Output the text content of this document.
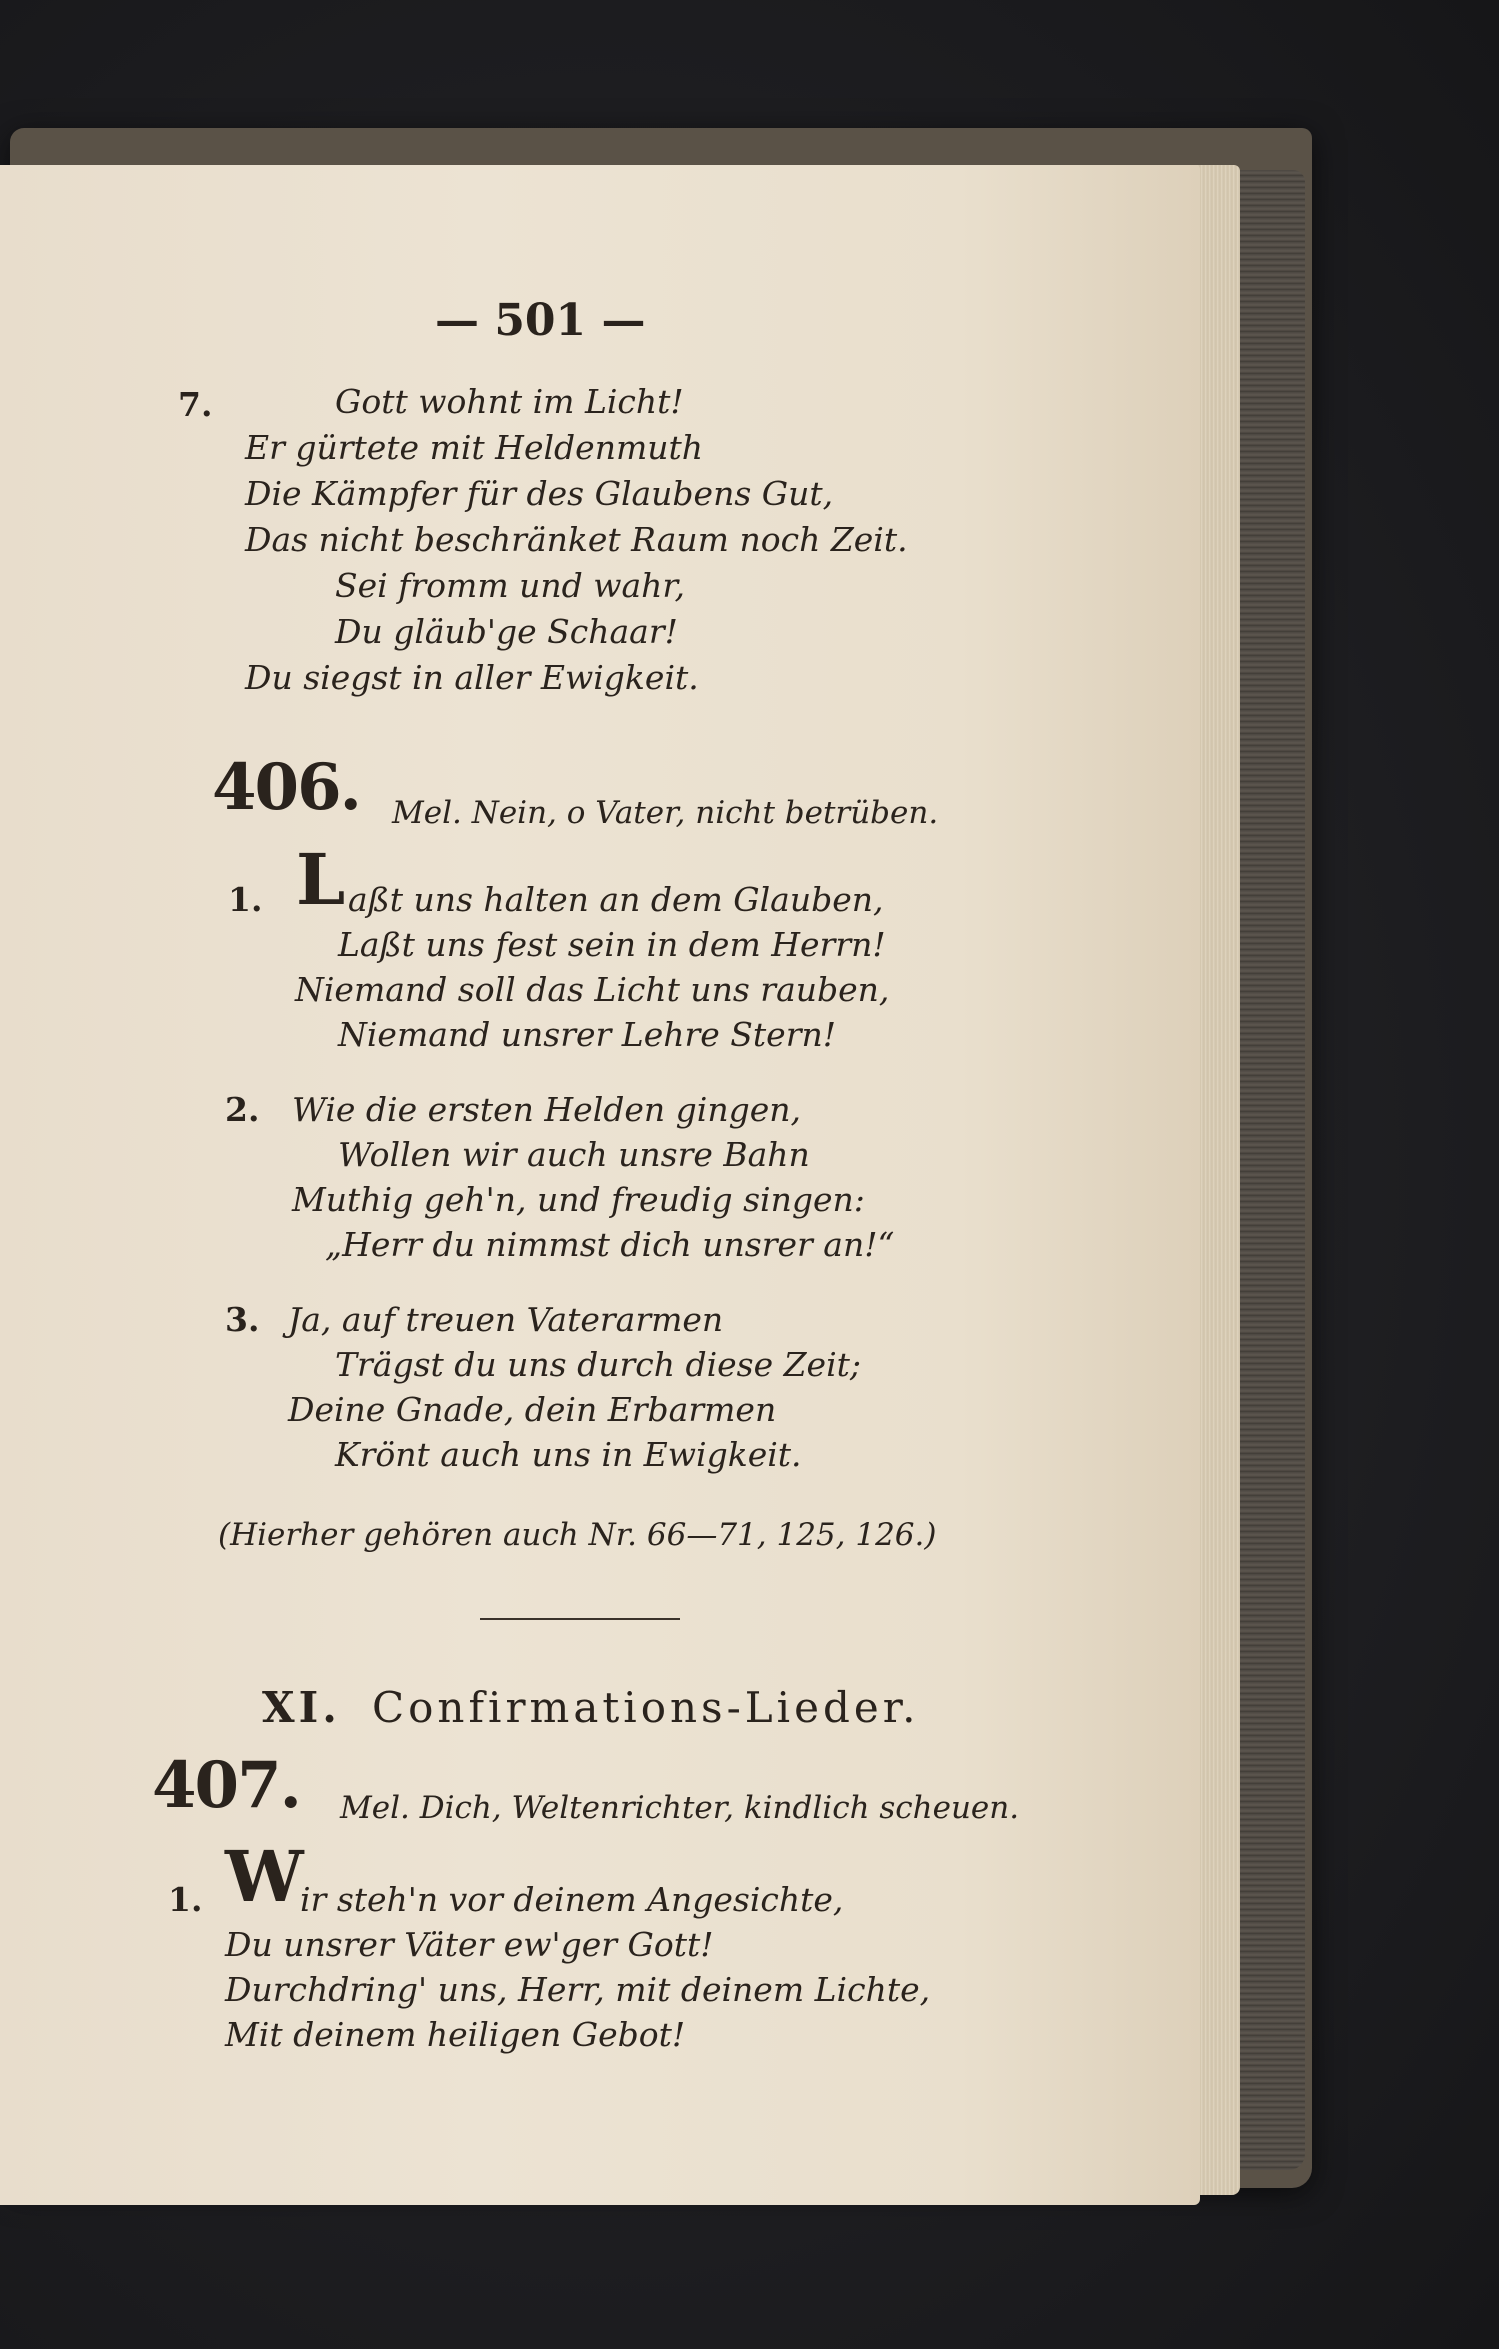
— 501 —
7.	Gott wohnt im Licht!
Er gürtete mit Heldenmuth
Die Kämpfer für des Glaubens Gut,
Das nicht beschränket Raum noch Zeit.
Sei fromm und wahr,
Du gläub'ge Schaar!
Du siegst in aller Ewigkeit.
406. Mel. Nein, o Vater, nicht betrüben.
1. L aßt uns halten an dem Glauben,
Laßt uns fest sein in dem Herrn!
Niemand soll das Licht uns rauben,
Niemand unsrer Lehre Stern!
2. Wie die ersten Helden gingen,
Wollen wir auch unsre Bahn
Muthig geh'n, und freudig singen:
„Herr du nimmst dich unsrer an!“
3. Ja, auf treuen Vaterarmen
Trägst du uns durch diese Zeit;
Deine Gnade, dein Erbarmen
Krönt auch uns in Ewigkeit.
(Hierher gehören auch Nr. 66—71, 125, 126.)
XI. Confirmations-Lieder.
407. Mel. Dich, Weltenrichter, kindlich scheuen.
1. W
ir steh'n vor deinem Angesichte,
Du unsrer Väter ew'ger Gott!
Durchdring' uns, Herr, mit deinem Lichte,
Mit deinem heiligen Gebot!
